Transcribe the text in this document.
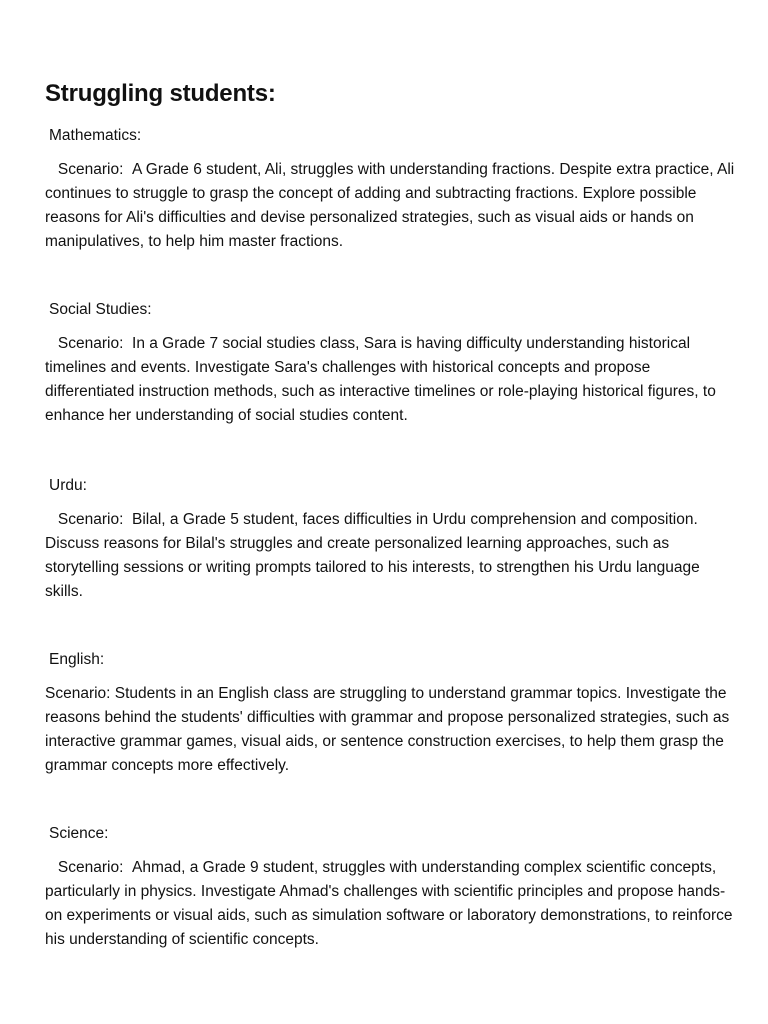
Struggling students:

Mathematics:

Scenario:  A Grade 6 student, Ali, struggles with understanding fractions. Despite extra practice, Ali continues to struggle to grasp the concept of adding and subtracting fractions. Explore possible reasons for Ali's difficulties and devise personalized strategies, such as visual aids or hands on manipulatives, to help him master fractions.

Social Studies:

Scenario:  In a Grade 7 social studies class, Sara is having difficulty understanding historical timelines and events. Investigate Sara's challenges with historical concepts and propose differentiated instruction methods, such as interactive timelines or role-playing historical figures, to enhance her understanding of social studies content.

Urdu:

Scenario:  Bilal, a Grade 5 student, faces difficulties in Urdu comprehension and composition. Discuss reasons for Bilal's struggles and create personalized learning approaches, such as storytelling sessions or writing prompts tailored to his interests, to strengthen his Urdu language skills.

English:

Scenario: Students in an English class are struggling to understand grammar topics. Investigate the reasons behind the students' difficulties with grammar and propose personalized strategies, such as interactive grammar games, visual aids, or sentence construction exercises, to help them grasp the grammar concepts more effectively.

Science:

Scenario:  Ahmad, a Grade 9 student, struggles with understanding complex scientific concepts, particularly in physics. Investigate Ahmad's challenges with scientific principles and propose hands-on experiments or visual aids, such as simulation software or laboratory demonstrations, to reinforce his understanding of scientific concepts.
